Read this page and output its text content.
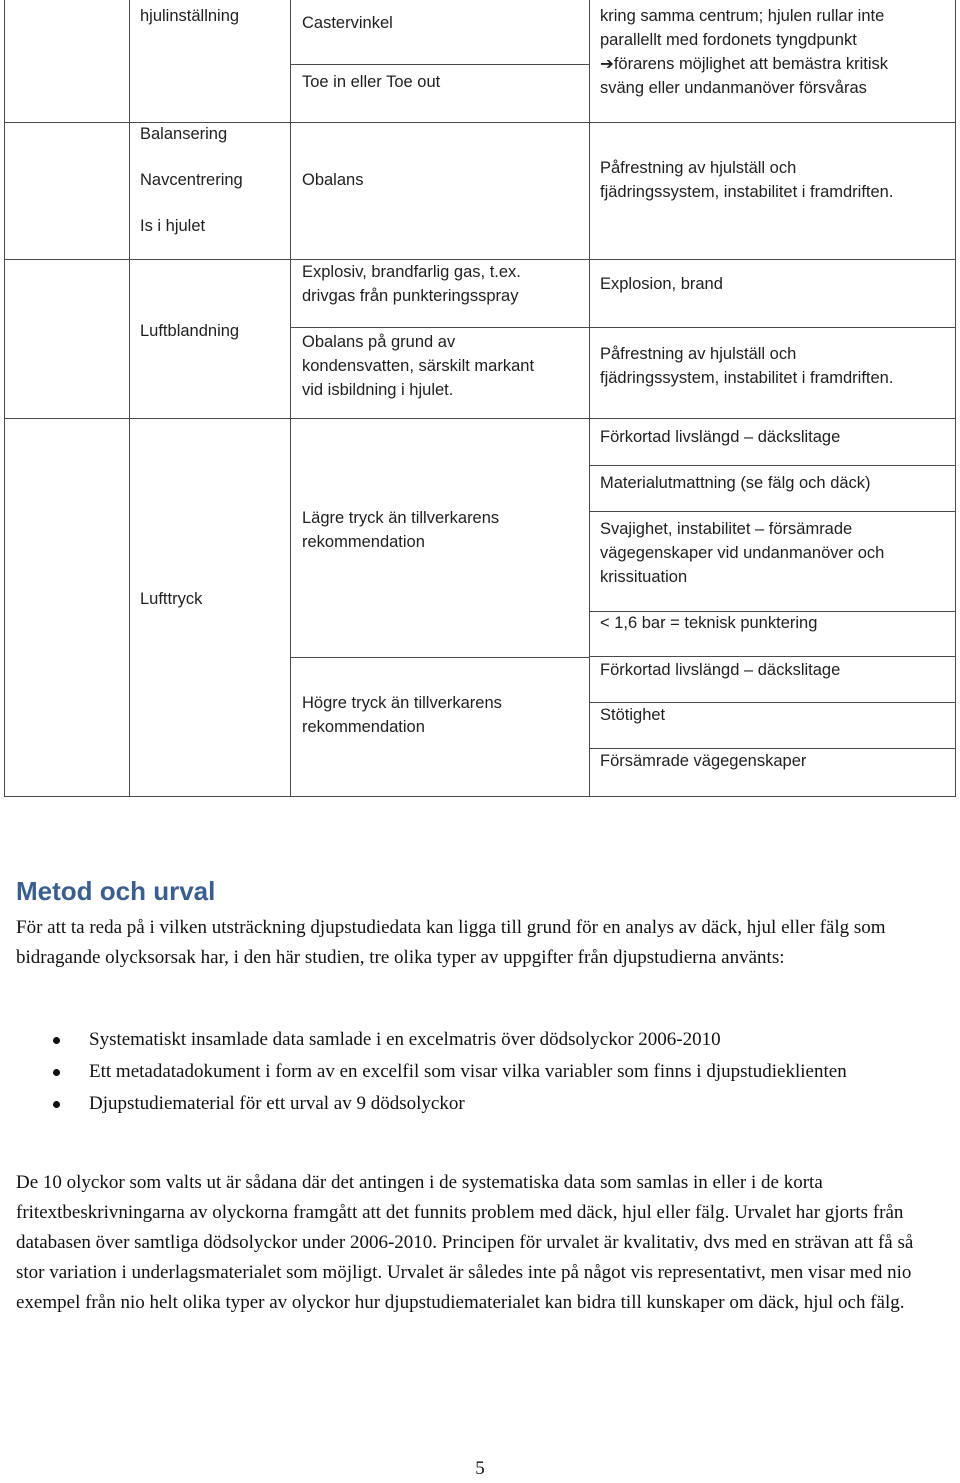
hjulinställning	Castervinkel
Toe in eller Toe out
kring samma centrum; hjulen rullar inte
parallellt med fordonets tyngdpunkt
➔förarens möjlighet att bemästra kritisk
sväng eller undanmanöver försvåras
Balansering
Navcentrering
Is i hjulet
Obalans
Påfrestning av hjulställ och
fjädringssystem, instabilitet i framdriften.
Luftblandning
Explosiv, brandfarlig gas, t.ex.
drivgas från punkteringsspray
Explosion, brand
Obalans på grund av
kondensvatten, särskilt markant
vid isbildning i hjulet.
Påfrestning av hjulställ och
fjädringssystem, instabilitet i framdriften.
Lufttryck
Lägre tryck än tillverkarens
rekommendation
Förkortad livslängd – däckslitage
Materialutmattning (se fälg och däck)
Svajighet, instabilitet – försämrade
vägegenskaper vid undanmanöver och
krissituation
< 1,6 bar = teknisk punktering
Högre tryck än tillverkarens
rekommendation
Förkortad livslängd – däckslitage
Stötighet
Försämrade vägegenskaper
Metod och urval

För att ta reda på i vilken utsträckning djupstudiedata kan ligga till grund för en analys av däck, hjul eller fälg som bidragande olycksorsak har, i den här studien, tre olika typer av uppgifter från djupstudierna använts:

Systematiskt insamlade data samlade i en excelmatris över dödsolyckor 2006-2010
Ett metadatadokument i form av en excelfil som visar vilka variabler som finns i djupstudieklienten
Djupstudiematerial för ett urval av 9 dödsolyckor

De 10 olyckor som valts ut är sådana där det antingen i de systematiska data som samlas in eller i de korta fritextbeskrivningarna av olyckorna framgått att det funnits problem med däck, hjul eller fälg. Urvalet har gjorts från databasen över samtliga dödsolyckor under 2006-2010. Principen för urvalet är kvalitativ, dvs med en strävan att få så stor variation i underlagsmaterialet som möjligt. Urvalet är således inte på något vis representativt, men visar med nio exempel från nio helt olika typer av olyckor hur djupstudiematerialet kan bidra till kunskaper om däck, hjul och fälg.

5
